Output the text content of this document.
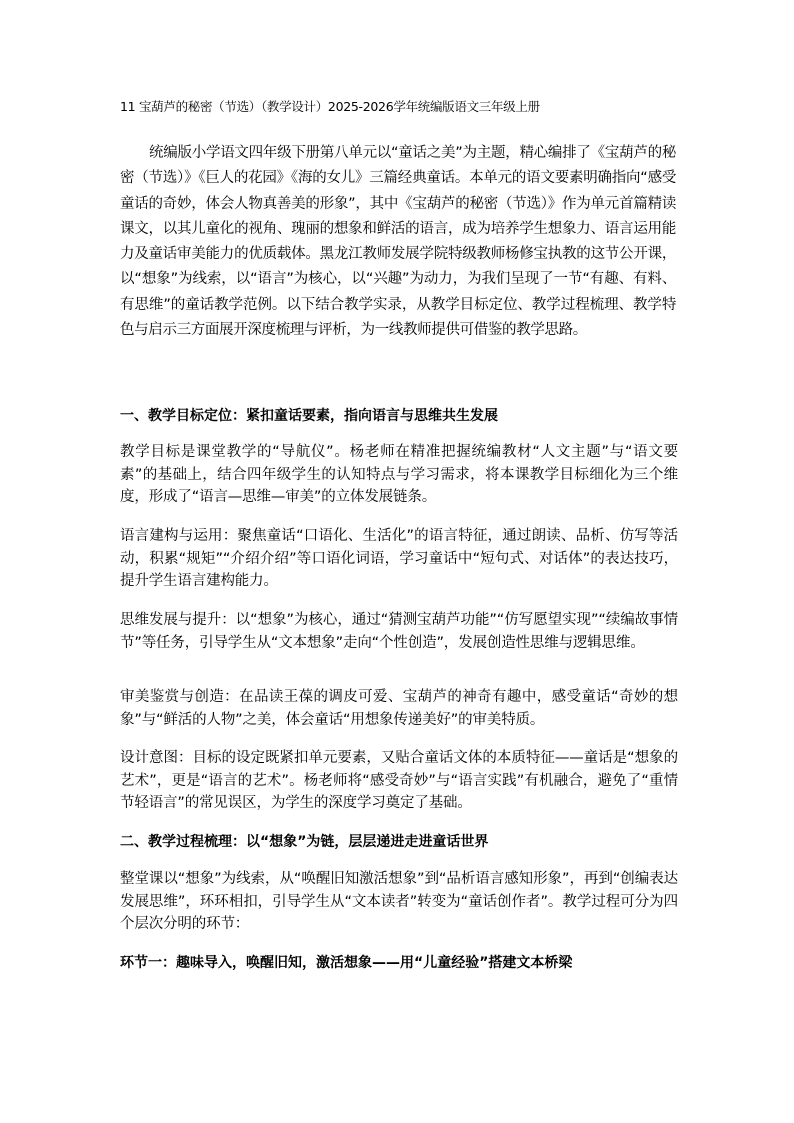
11 宝葫芦的秘密（节选）（教学设计）2025-2026学年统编版语文三年级上册

统编版小学语文四年级下册第八单元以“童话之美”为主题，精心编排了《宝葫芦的秘密（节选）》《巨人的花园》《海的女儿》三篇经典童话。本单元的语文要素明确指向“感受童话的奇妙，体会人物真善美的形象”，其中《宝葫芦的秘密（节选）》作为单元首篇精读课文，以其儿童化的视角、瑰丽的想象和鲜活的语言，成为培养学生想象力、语言运用能力及童话审美能力的优质载体。黑龙江教师发展学院特级教师杨修宝执教的这节公开课，以“想象”为线索，以“语言”为核心，以“兴趣”为动力，为我们呈现了一节“有趣、有料、有思维”的童话教学范例。以下结合教学实录，从教学目标定位、教学过程梳理、教学特色与启示三方面展开深度梳理与评析，为一线教师提供可借鉴的教学思路。

一、教学目标定位：紧扣童话要素，指向语言与思维共生发展

教学目标是课堂教学的“导航仪”。杨老师在精准把握统编教材“人文主题”与“语文要素”的基础上，结合四年级学生的认知特点与学习需求，将本课教学目标细化为三个维度，形成了“语言—思维—审美”的立体发展链条。

语言建构与运用：聚焦童话“口语化、生活化”的语言特征，通过朗读、品析、仿写等活动，积累“规矩”“介绍介绍”等口语化词语，学习童话中“短句式、对话体”的表达技巧，提升学生语言建构能力。

思维发展与提升：以“想象”为核心，通过“猜测宝葫芦功能”“仿写愿望实现”“续编故事情节”等任务，引导学生从“文本想象”走向“个性创造”，发展创造性思维与逻辑思维。

审美鉴赏与创造：在品读王葆的调皮可爱、宝葫芦的神奇有趣中，感受童话“奇妙的想象”与“鲜活的人物”之美，体会童话“用想象传递美好”的审美特质。

设计意图：目标的设定既紧扣单元要素，又贴合童话文体的本质特征——童话是“想象的艺术”，更是“语言的艺术”。杨老师将“感受奇妙”与“语言实践”有机融合，避免了“重情节轻语言”的常见误区，为学生的深度学习奠定了基础。

二、教学过程梳理：以“想象”为链，层层递进走进童话世界

整堂课以“想象”为线索，从“唤醒旧知激活想象”到“品析语言感知形象”，再到“创编表达发展思维”，环环相扣，引导学生从“文本读者”转变为“童话创作者”。教学过程可分为四个层次分明的环节：

环节一：趣味导入，唤醒旧知，激活想象——用“儿童经验”搭建文本桥梁
